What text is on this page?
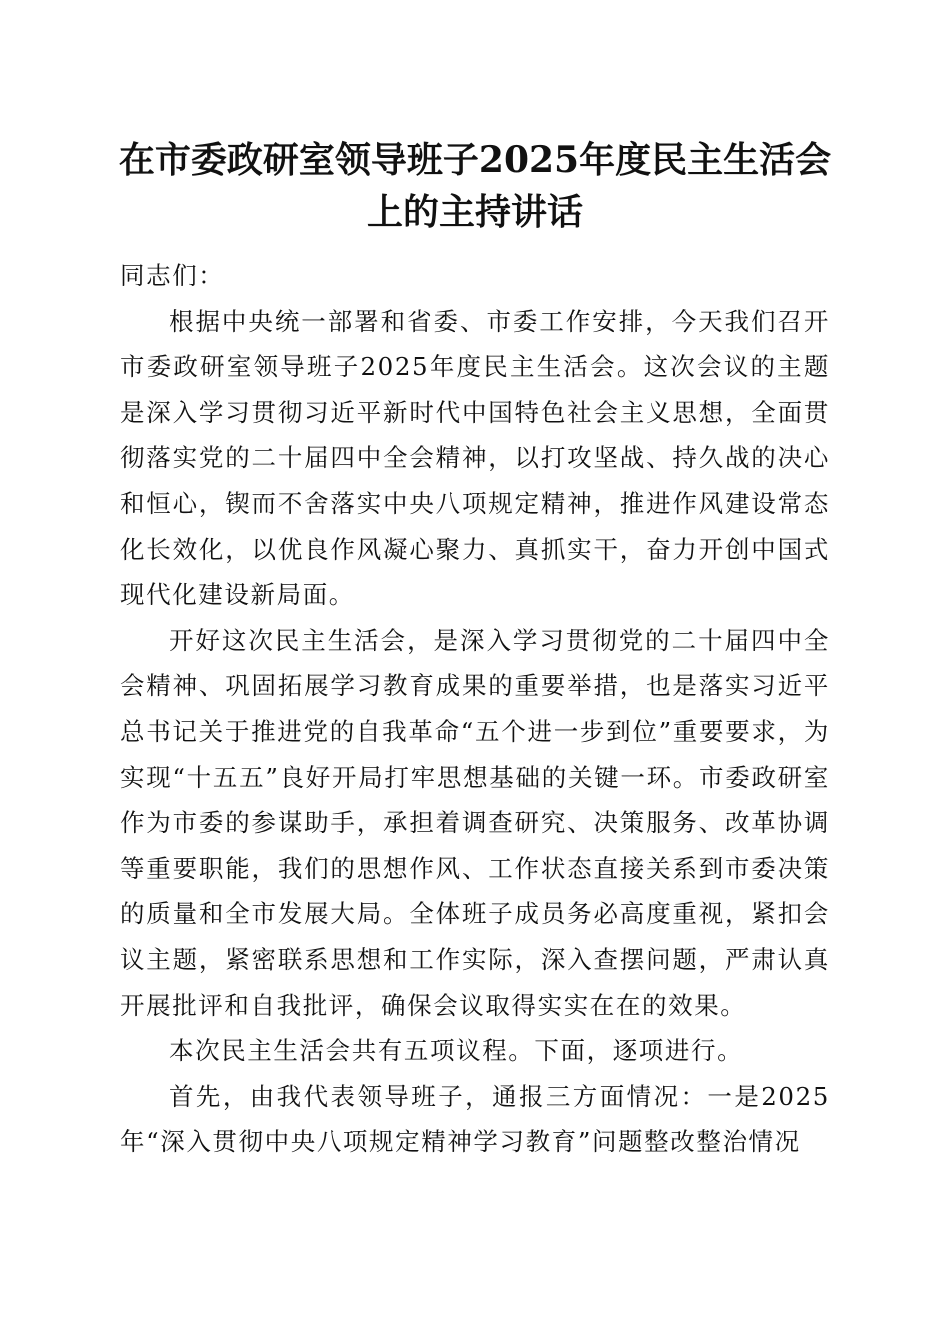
在市委政研室领导班子2025年度民主生活会
上的主持讲话

同志们：

根据中央统一部署和省委、市委工作安排，今天我们召开市委政研室领导班子2025年度民主生活会。这次会议的主题是深入学习贯彻习近平新时代中国特色社会主义思想，全面贯彻落实党的二十届四中全会精神，以打攻坚战、持久战的决心和恒心，锲而不舍落实中央八项规定精神，推进作风建设常态化长效化，以优良作风凝心聚力、真抓实干，奋力开创中国式现代化建设新局面。

开好这次民主生活会，是深入学习贯彻党的二十届四中全会精神、巩固拓展学习教育成果的重要举措，也是落实习近平总书记关于推进党的自我革命“五个进一步到位”重要要求，为实现“十五五”良好开局打牢思想基础的关键一环。市委政研室作为市委的参谋助手，承担着调查研究、决策服务、改革协调等重要职能，我们的思想作风、工作状态直接关系到市委决策的质量和全市发展大局。全体班子成员务必高度重视，紧扣会议主题，紧密联系思想和工作实际，深入查摆问题，严肃认真开展批评和自我批评，确保会议取得实实在在的效果。

本次民主生活会共有五项议程。下面，逐项进行。

首先，由我代表领导班子，通报三方面情况：一是2025年“深入贯彻中央八项规定精神学习教育”问题整改整治情况
